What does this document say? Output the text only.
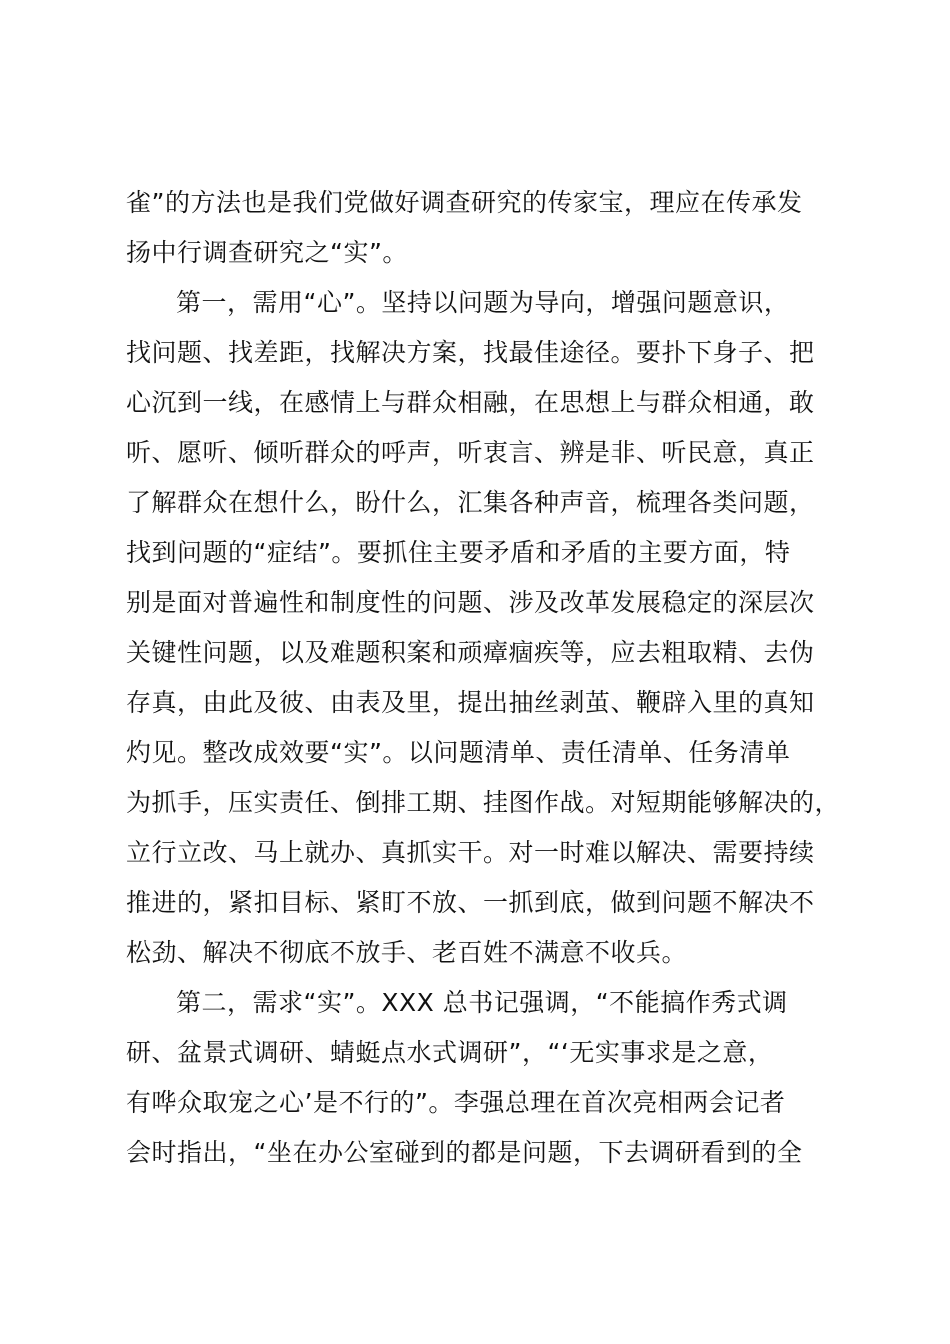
雀”的方法也是我们党做好调查研究的传家宝，理应在传承发
扬中行调查研究之“实”。
第一，需用“心”。坚持以问题为导向，增强问题意识，
找问题、找差距，找解决方案，找最佳途径。要扑下身子、把
心沉到一线，在感情上与群众相融，在思想上与群众相通，敢
听、愿听、倾听群众的呼声，听衷言、辨是非、听民意，真正
了解群众在想什么，盼什么，汇集各种声音，梳理各类问题，
找到问题的“症结”。要抓住主要矛盾和矛盾的主要方面，特
别是面对普遍性和制度性的问题、涉及改革发展稳定的深层次
关键性问题，以及难题积案和顽瘴痼疾等，应去粗取精、去伪
存真，由此及彼、由表及里，提出抽丝剥茧、鞭辟入里的真知
灼见。整改成效要“实”。以问题清单、责任清单、任务清单
为抓手，压实责任、倒排工期、挂图作战。对短期能够解决的，
立行立改、马上就办、真抓实干。对一时难以解决、需要持续
推进的，紧扣目标、紧盯不放、一抓到底，做到问题不解决不
松劲、解决不彻底不放手、老百姓不满意不收兵。
第二，需求“实”。XXX 总书记强调，“不能搞作秀式调
研、盆景式调研、蜻蜓点水式调研”，“‘无实事求是之意，
有哗众取宠之心’是不行的”。李强总理在首次亮相两会记者
会时指出，“坐在办公室碰到的都是问题，下去调研看到的全
